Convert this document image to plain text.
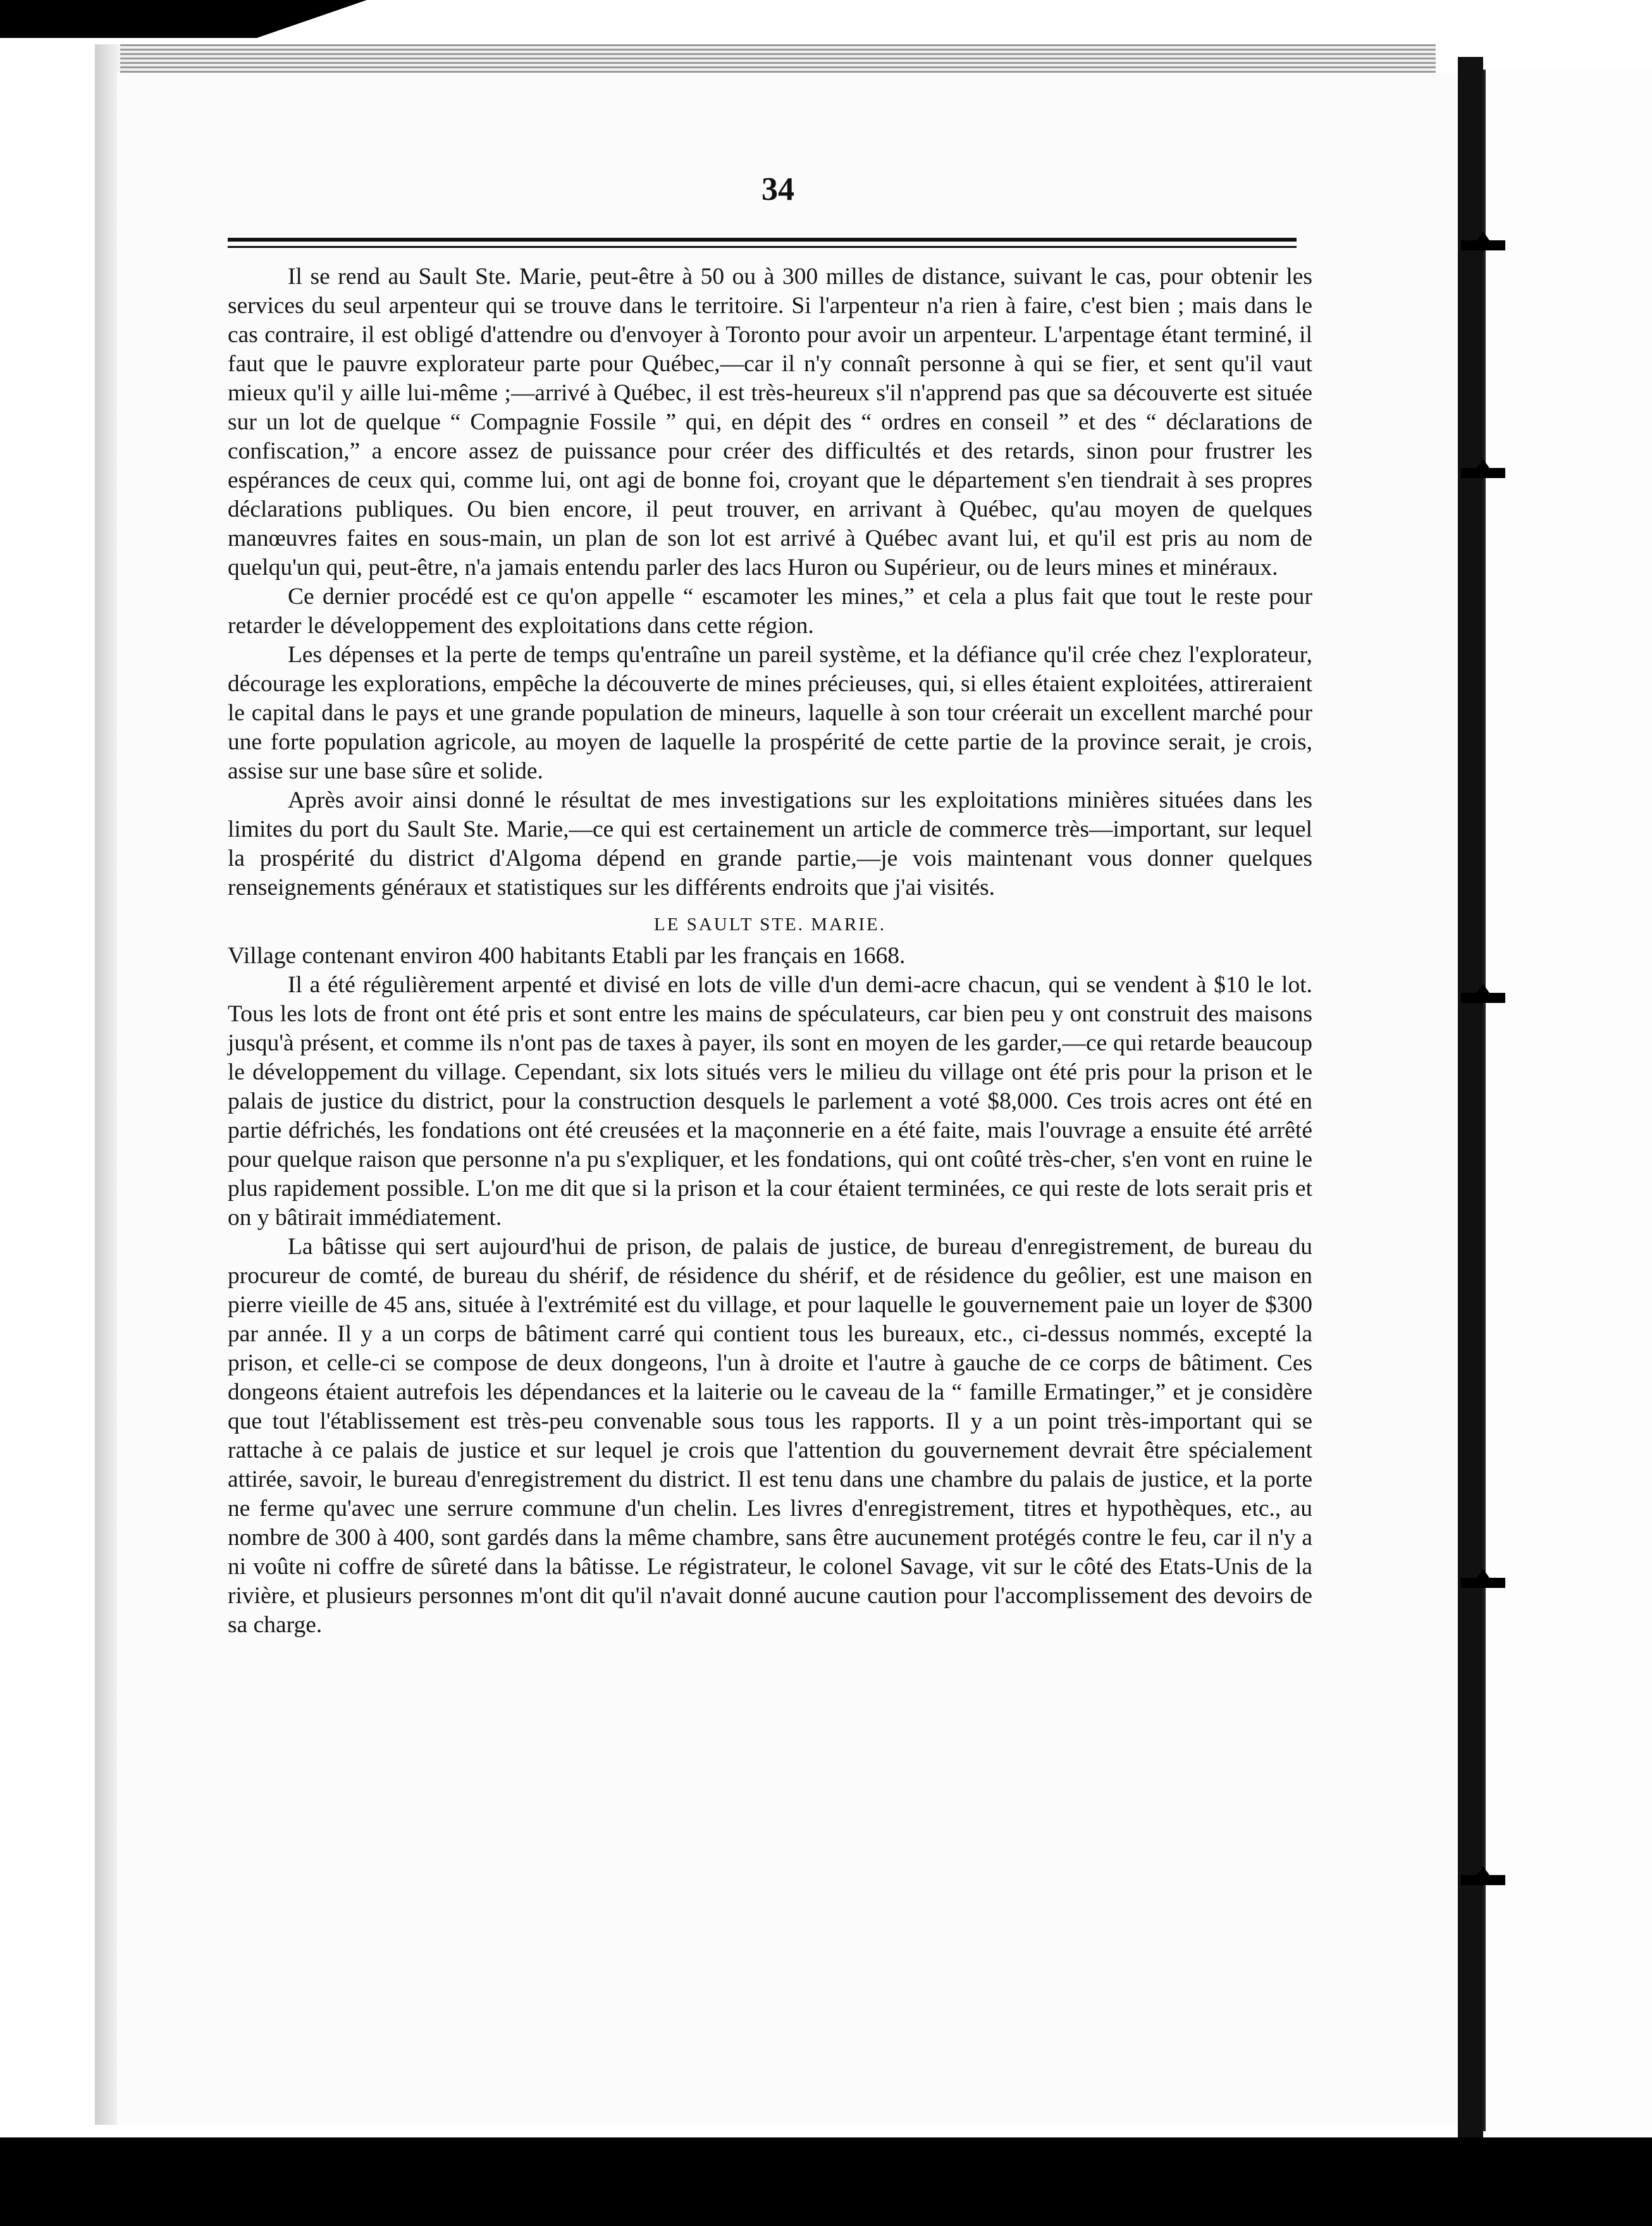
34

Il se rend au Sault Ste. Marie, peut-être à 50 ou à 300 milles de distance, suivant le cas, pour obtenir les services du seul arpenteur qui se trouve dans le territoire. Si l'arpenteur n'a rien à faire, c'est bien ; mais dans le cas contraire, il est obligé d'attendre ou d'envoyer à Toronto pour avoir un arpenteur. L'arpentage étant terminé, il faut que le pauvre explorateur parte pour Québec,—car il n'y connaît personne à qui se fier, et sent qu'il vaut mieux qu'il y aille lui-même ;—arrivé à Québec, il est très-heureux s'il n'apprend pas que sa découverte est située sur un lot de quelque “ Compagnie Fossile ” qui, en dépit des “ ordres en conseil ” et des “ déclarations de confiscation,” a encore assez de puissance pour créer des difficultés et des retards, sinon pour frustrer les espérances de ceux qui, comme lui, ont agi de bonne foi, croyant que le département s'en tiendrait à ses propres déclarations publiques. Ou bien encore, il peut trouver, en arrivant à Québec, qu'au moyen de quelques manœuvres faites en sous-main, un plan de son lot est arrivé à Québec avant lui, et qu'il est pris au nom de quelqu'un qui, peut-être, n'a jamais entendu parler des lacs Huron ou Supérieur, ou de leurs mines et minéraux.

Ce dernier procédé est ce qu'on appelle “ escamoter les mines,” et cela a plus fait que tout le reste pour retarder le développement des exploitations dans cette région.

Les dépenses et la perte de temps qu'entraîne un pareil système, et la défiance qu'il crée chez l'explorateur, décourage les explorations, empêche la découverte de mines précieuses, qui, si elles étaient exploitées, attireraient le capital dans le pays et une grande population de mineurs, laquelle à son tour créerait un excellent marché pour une forte population agricole, au moyen de laquelle la prospérité de cette partie de la province serait, je crois, assise sur une base sûre et solide.

Après avoir ainsi donné le résultat de mes investigations sur les exploitations minières situées dans les limites du port du Sault Ste. Marie,—ce qui est certainement un article de commerce très—important, sur lequel la prospérité du district d'Algoma dépend en grande partie,—je vois maintenant vous donner quelques renseignements généraux et statistiques sur les différents endroits que j'ai visités.

LE SAULT STE. MARIE.

Village contenant environ 400 habitants Etabli par les français en 1668.

Il a été régulièrement arpenté et divisé en lots de ville d'un demi-acre chacun, qui se vendent à $10 le lot. Tous les lots de front ont été pris et sont entre les mains de spéculateurs, car bien peu y ont construit des maisons jusqu'à présent, et comme ils n'ont pas de taxes à payer, ils sont en moyen de les garder,—ce qui retarde beaucoup le développement du village. Cependant, six lots situés vers le milieu du village ont été pris pour la prison et le palais de justice du district, pour la construction desquels le parlement a voté $8,000. Ces trois acres ont été en partie défrichés, les fondations ont été creusées et la maçonnerie en a été faite, mais l'ouvrage a ensuite été arrêté pour quelque raison que personne n'a pu s'expliquer, et les fondations, qui ont coûté très-cher, s'en vont en ruine le plus rapidement possible. L'on me dit que si la prison et la cour étaient terminées, ce qui reste de lots serait pris et on y bâtirait immédiatement.

La bâtisse qui sert aujourd'hui de prison, de palais de justice, de bureau d'enregistrement, de bureau du procureur de comté, de bureau du shérif, de résidence du shérif, et de résidence du geôlier, est une maison en pierre vieille de 45 ans, située à l'extrémité est du village, et pour laquelle le gouvernement paie un loyer de $300 par année. Il y a un corps de bâtiment carré qui contient tous les bureaux, etc., ci-dessus nommés, excepté la prison, et celle-ci se compose de deux dongeons, l'un à droite et l'autre à gauche de ce corps de bâtiment. Ces dongeons étaient autrefois les dépendances et la laiterie ou le caveau de la “ famille Ermatinger,” et je considère que tout l'établissement est très-peu convenable sous tous les rapports. Il y a un point très-important qui se rattache à ce palais de justice et sur lequel je crois que l'attention du gouvernement devrait être spécialement attirée, savoir, le bureau d'enregistrement du district. Il est tenu dans une chambre du palais de justice, et la porte ne ferme qu'avec une serrure commune d'un chelin. Les livres d'enregistrement, titres et hypothèques, etc., au nombre de 300 à 400, sont gardés dans la même chambre, sans être aucunement protégés contre le feu, car il n'y a ni voûte ni coffre de sûreté dans la bâtisse. Le régistrateur, le colonel Savage, vit sur le côté des Etats-Unis de la rivière, et plusieurs personnes m'ont dit qu'il n'avait donné aucune caution pour l'accomplissement des devoirs de sa charge.
